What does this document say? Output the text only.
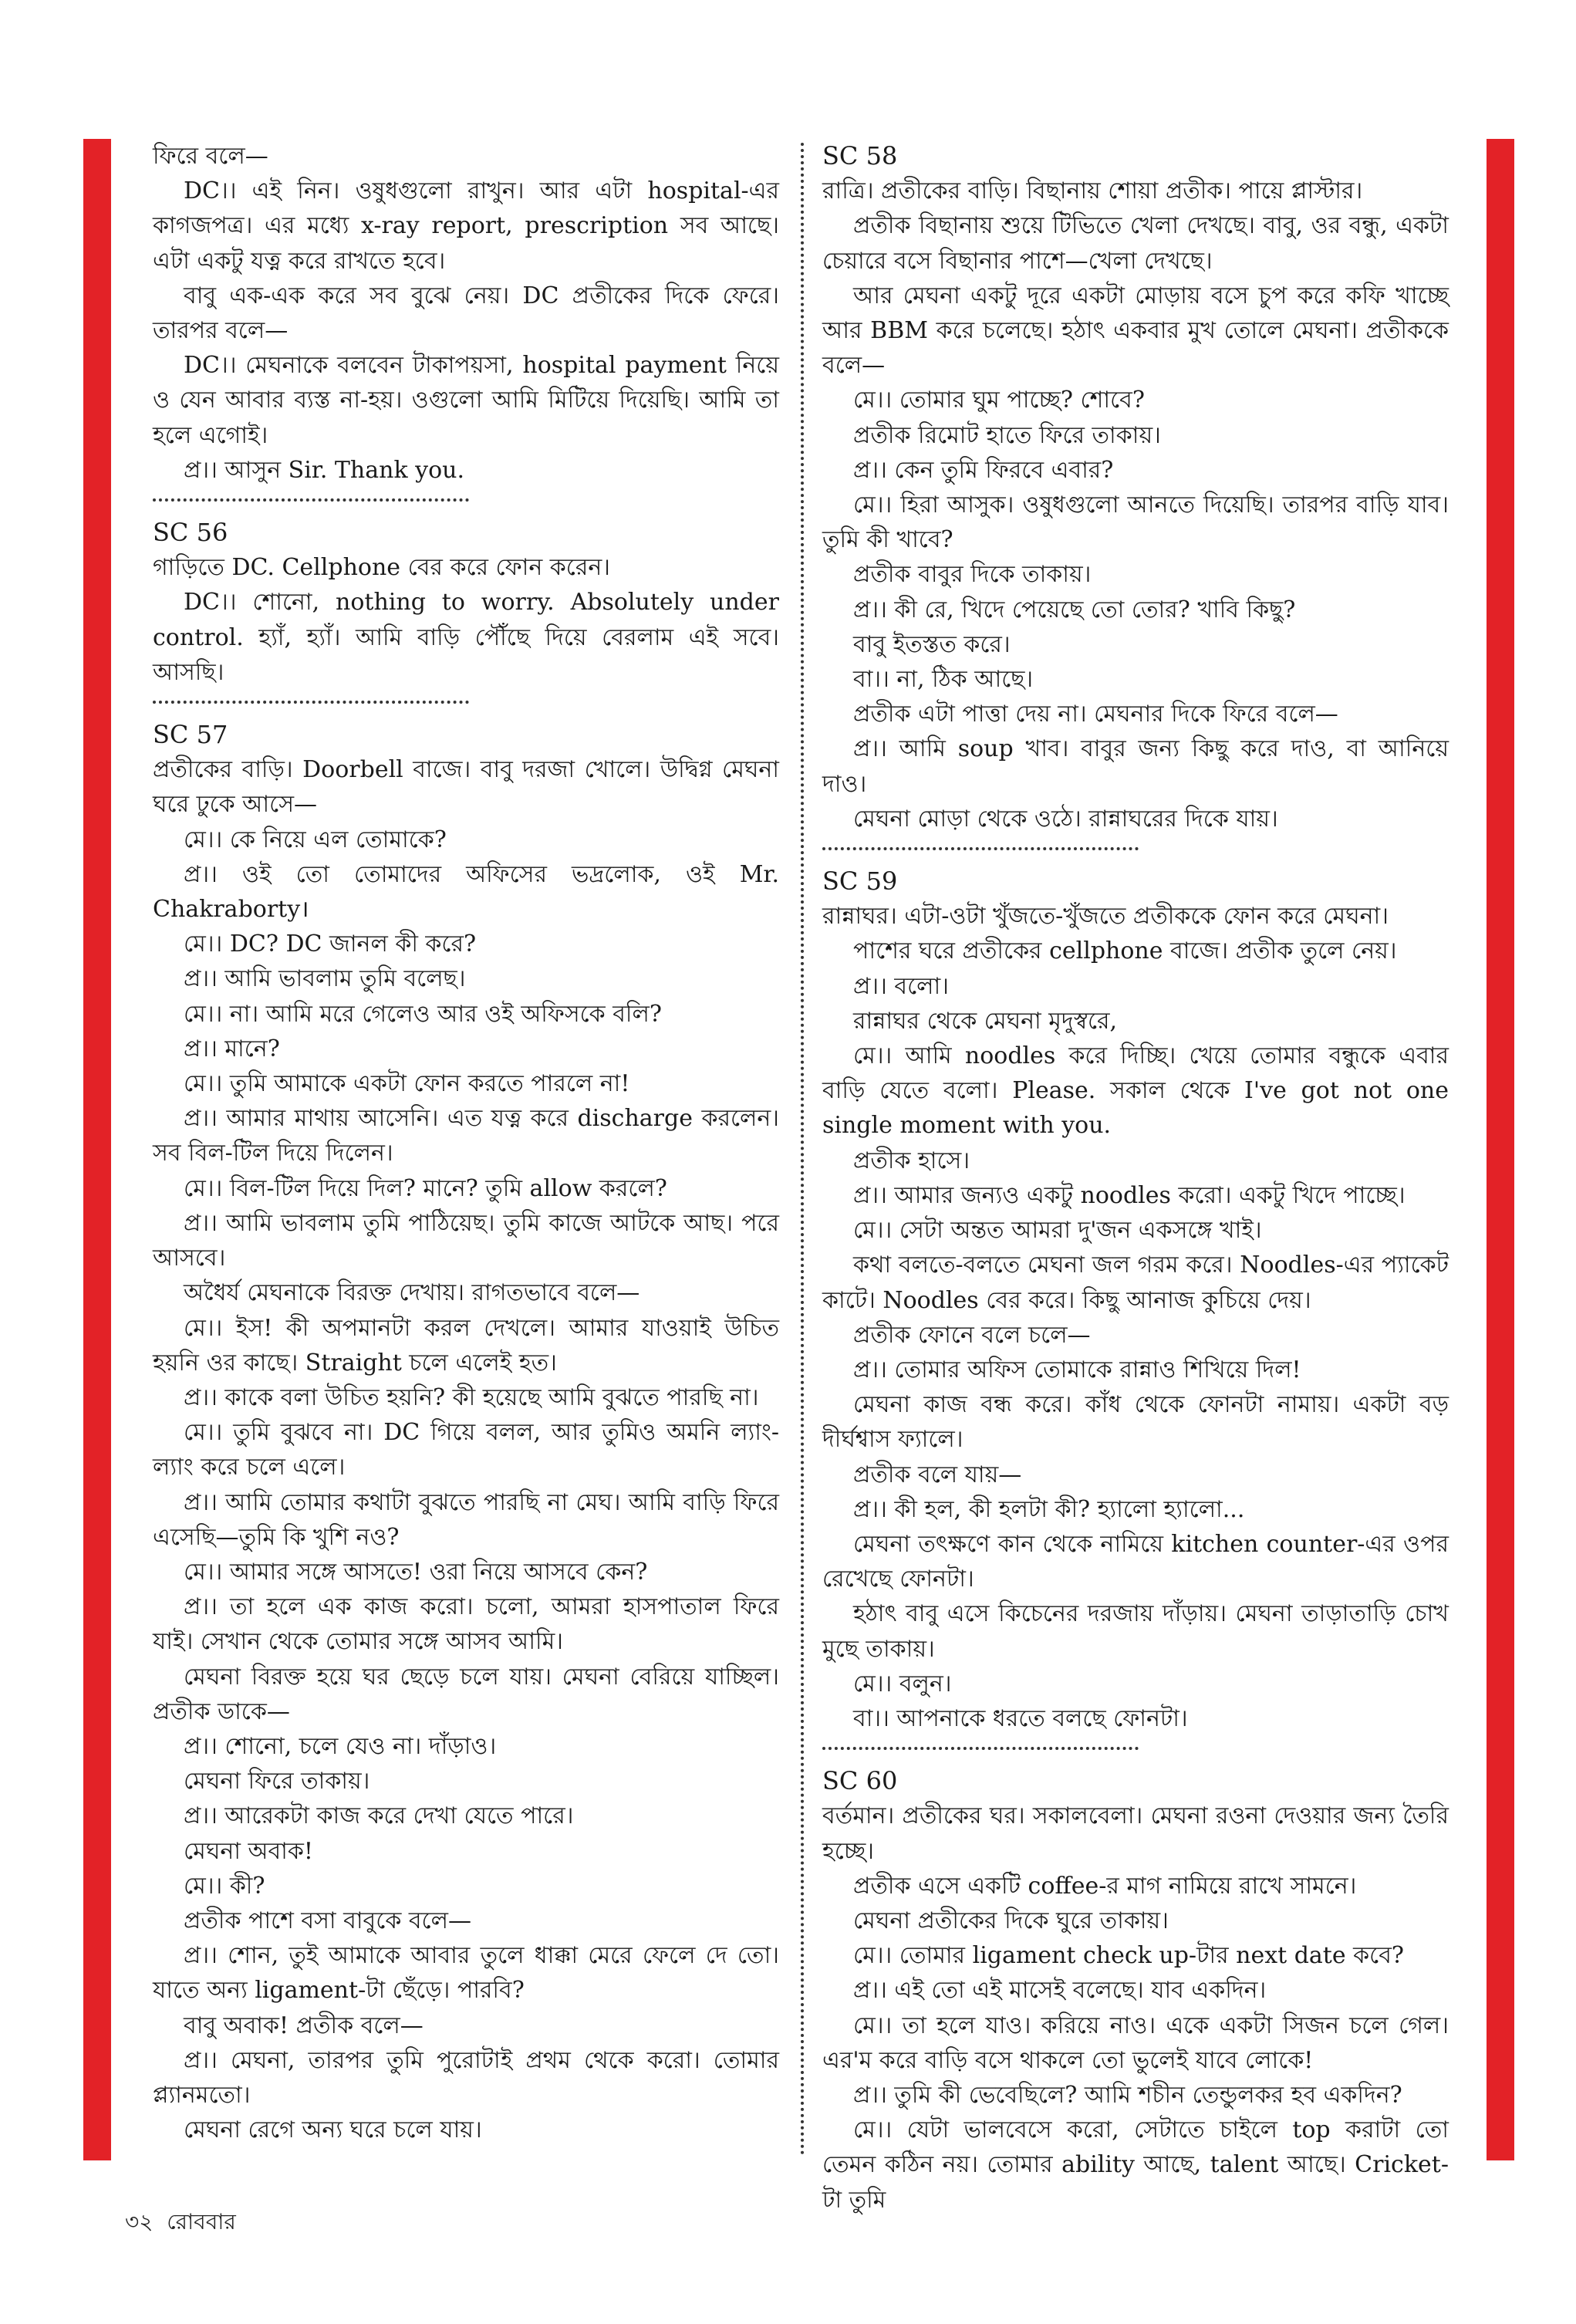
ফিরে বলে—

DC।। এই নিন। ওষুধগুলো রাখুন। আর এটা hospital-এর কাগজপত্র। এর মধ্যে x-ray report, prescription সব আছে। এটা একটু যত্ন করে রাখতে হবে।

বাবু এক-এক করে সব বুঝে নেয়। DC প্রতীকের দিকে ফেরে। তারপর বলে—

DC।। মেঘনাকে বলবেন টাকাপয়সা, hospital payment নিয়ে ও যেন আবার ব্যস্ত না-হয়। ওগুলো আমি মিটিয়ে দিয়েছি। আমি তা হলে এগোই।

প্র।। আসুন Sir. Thank you.

SC 56

গাড়িতে DC. Cellphone বের করে ফোন করেন।

DC।। শোনো, nothing to worry. Absolutely under control. হ্যাঁ, হ্যাঁ। আমি বাড়ি পৌঁছে দিয়ে বেরলাম এই সবে। আসছি।

SC 57

প্রতীকের বাড়ি। Doorbell বাজে। বাবু দরজা খোলে। উদ্বিগ্ন মেঘনা ঘরে ঢুকে আসে—

মে।। কে নিয়ে এল তোমাকে?

প্র।। ওই তো তোমাদের অফিসের ভদ্রলোক, ওই Mr. Chakraborty।

মে।। DC? DC জানল কী করে?

প্র।। আমি ভাবলাম তুমি বলেছ।

মে।। না। আমি মরে গেলেও আর ওই অফিসকে বলি?

প্র।। মানে?

মে।। তুমি আমাকে একটা ফোন করতে পারলে না!

প্র।। আমার মাথায় আসেনি। এত যত্ন করে discharge করলেন। সব বিল-টিল দিয়ে দিলেন।

মে।। বিল-টিল দিয়ে দিল? মানে? তুমি allow করলে?

প্র।। আমি ভাবলাম তুমি পাঠিয়েছ। তুমি কাজে আটকে আছ। পরে আসবে।

অধৈর্য মেঘনাকে বিরক্ত দেখায়। রাগতভাবে বলে—

মে।। ইস! কী অপমানটা করল দেখলে। আমার যাওয়াই উচিত হয়নি ওর কাছে। Straight চলে এলেই হত।

প্র।। কাকে বলা উচিত হয়নি? কী হয়েছে আমি বুঝতে পারছি না।

মে।। তুমি বুঝবে না। DC গিয়ে বলল, আর তুমিও অমনি ল্যাং-ল্যাং করে চলে এলে।

প্র।। আমি তোমার কথাটা বুঝতে পারছি না মেঘ। আমি বাড়ি ফিরে এসেছি—তুমি কি খুশি নও?

মে।। আমার সঙ্গে আসতে! ওরা নিয়ে আসবে কেন?

প্র।। তা হলে এক কাজ করো। চলো, আমরা হাসপাতাল ফিরে যাই। সেখান থেকে তোমার সঙ্গে আসব আমি।

মেঘনা বিরক্ত হয়ে ঘর ছেড়ে চলে যায়। মেঘনা বেরিয়ে যাচ্ছিল। প্রতীক ডাকে—

প্র।। শোনো, চলে যেও না। দাঁড়াও।

মেঘনা ফিরে তাকায়।

প্র।। আরেকটা কাজ করে দেখা যেতে পারে।

মেঘনা অবাক!

মে।। কী?

প্রতীক পাশে বসা বাবুকে বলে—

প্র।। শোন, তুই আমাকে আবার তুলে ধাক্কা মেরে ফেলে দে তো। যাতে অন্য ligament-টা ছেঁড়ে। পারবি?

বাবু অবাক! প্রতীক বলে—

প্র।। মেঘনা, তারপর তুমি পুরোটাই প্রথম থেকে করো। তোমার প্ল্যানমতো।

মেঘনা রেগে অন্য ঘরে চলে যায়।

SC 58

রাত্রি। প্রতীকের বাড়ি। বিছানায় শোয়া প্রতীক। পায়ে প্লাস্টার।

প্রতীক বিছানায় শুয়ে টিভিতে খেলা দেখছে। বাবু, ওর বন্ধু, একটা চেয়ারে বসে বিছানার পাশে—খেলা দেখছে।

আর মেঘনা একটু দূরে একটা মোড়ায় বসে চুপ করে কফি খাচ্ছে আর BBM করে চলেছে। হঠাৎ একবার মুখ তোলে মেঘনা। প্রতীককে বলে—

মে।। তোমার ঘুম পাচ্ছে? শোবে?

প্রতীক রিমোট হাতে ফিরে তাকায়।

প্র।। কেন তুমি ফিরবে এবার?

মে।। হিরা আসুক। ওষুধগুলো আনতে দিয়েছি। তারপর বাড়ি যাব। তুমি কী খাবে?

প্রতীক বাবুর দিকে তাকায়।

প্র।। কী রে, খিদে পেয়েছে তো তোর? খাবি কিছু?

বাবু ইতস্তত করে।

বা।। না, ঠিক আছে।

প্রতীক এটা পাত্তা দেয় না। মেঘনার দিকে ফিরে বলে—

প্র।। আমি soup খাব। বাবুর জন্য কিছু করে দাও, বা আনিয়ে দাও।

মেঘনা মোড়া থেকে ওঠে। রান্নাঘরের দিকে যায়।

SC 59

রান্নাঘর। এটা-ওটা খুঁজতে-খুঁজতে প্রতীককে ফোন করে মেঘনা।

পাশের ঘরে প্রতীকের cellphone বাজে। প্রতীক তুলে নেয়।

প্র।। বলো।

রান্নাঘর থেকে মেঘনা মৃদুস্বরে,

মে।। আমি noodles করে দিচ্ছি। খেয়ে তোমার বন্ধুকে এবার বাড়ি যেতে বলো। Please. সকাল থেকে I've got not one single moment with you.

প্রতীক হাসে।

প্র।। আমার জন্যও একটু noodles করো। একটু খিদে পাচ্ছে।

মে।। সেটা অন্তত আমরা দু'জন একসঙ্গে খাই।

কথা বলতে-বলতে মেঘনা জল গরম করে। Noodles-এর প্যাকেট কাটে। Noodles বের করে। কিছু আনাজ কুচিয়ে দেয়।

প্রতীক ফোনে বলে চলে—

প্র।। তোমার অফিস তোমাকে রান্নাও শিখিয়ে দিল!

মেঘনা কাজ বন্ধ করে। কাঁধ থেকে ফোনটা নামায়। একটা বড় দীর্ঘশ্বাস ফ্যালে।

প্রতীক বলে যায়—

প্র।। কী হল, কী হলটা কী? হ্যালো হ্যালো...

মেঘনা তৎক্ষণে কান থেকে নামিয়ে kitchen counter-এর ওপর রেখেছে ফোনটা।

হঠাৎ বাবু এসে কিচেনের দরজায় দাঁড়ায়। মেঘনা তাড়াতাড়ি চোখ মুছে তাকায়।

মে।। বলুন।

বা।। আপনাকে ধরতে বলছে ফোনটা।

SC 60

বর্তমান। প্রতীকের ঘর। সকালবেলা। মেঘনা রওনা দেওয়ার জন্য তৈরি হচ্ছে।

প্রতীক এসে একটি coffee-র মাগ নামিয়ে রাখে সামনে।

মেঘনা প্রতীকের দিকে ঘুরে তাকায়।

মে।। তোমার ligament check up-টার next date কবে?

প্র।। এই তো এই মাসেই বলেছে। যাব একদিন।

মে।। তা হলে যাও। করিয়ে নাও। একে একটা সিজন চলে গেল। এর'ম করে বাড়ি বসে থাকলে তো ভুলেই যাবে লোকে!

প্র।। তুমি কী ভেবেছিলে? আমি শচীন তেন্ডুলকর হব একদিন?

মে।। যেটা ভালবেসে করো, সেটাতে চাইলে top করাটা তো তেমন কঠিন নয়। তোমার ability আছে, talent আছে। Cricket-টা তুমি

৩২ রোববার
